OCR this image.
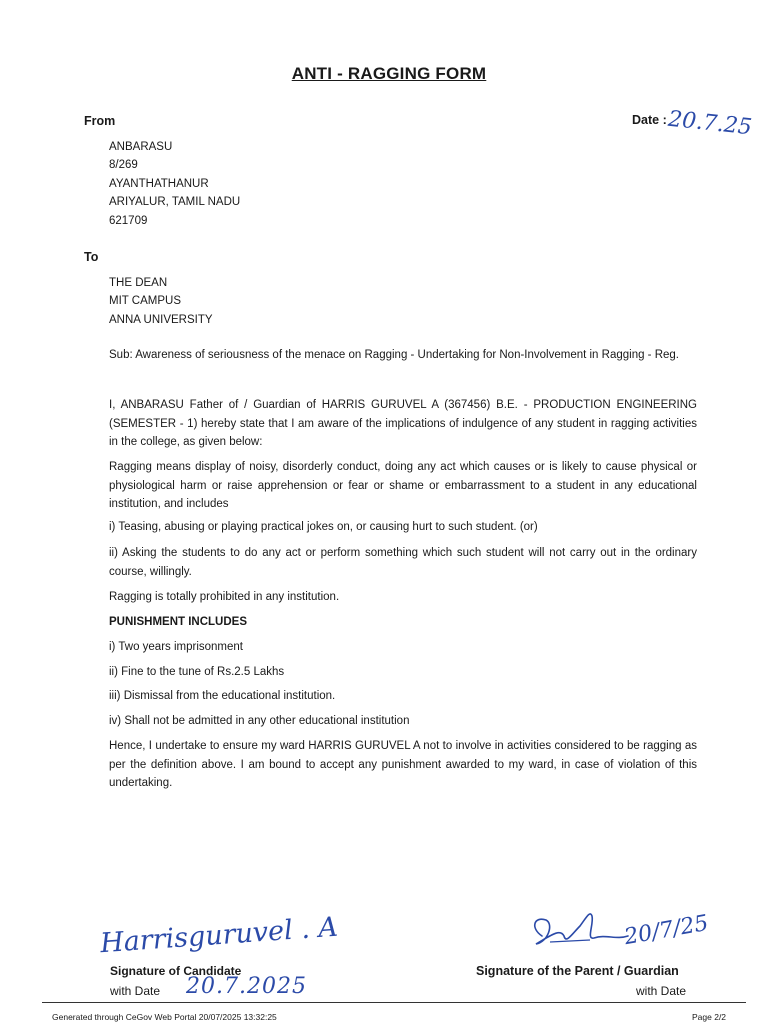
ANTI - RAGGING FORM
From	Date : 20.7.25
ANBARASU
8/269
AYANTHATHANUR
ARIYALUR, TAMIL NADU
621709
To
THE DEAN
MIT CAMPUS
ANNA UNIVERSITY
Sub: Awareness of seriousness of the menace on Ragging - Undertaking for Non-Involvement in Ragging - Reg.
I, ANBARASU Father of / Guardian of HARRIS GURUVEL A (367456) B.E. - PRODUCTION ENGINEERING (SEMESTER - 1) hereby state that I am aware of the implications of indulgence of any student in ragging activities in the college, as given below:
Ragging means display of noisy, disorderly conduct, doing any act which causes or is likely to cause physical or physiological harm or raise apprehension or fear or shame or embarrassment to a student in any educational institution, and includes
i) Teasing, abusing or playing practical jokes on, or causing hurt to such student. (or)
ii) Asking the students to do any act or perform something which such student will not carry out in the ordinary course, willingly.
Ragging is totally prohibited in any institution.
PUNISHMENT INCLUDES
i) Two years imprisonment
ii) Fine to the tune of Rs.2.5 Lakhs
iii) Dismissal from the educational institution.
iv) Shall not be admitted in any other educational institution
Hence, I undertake to ensure my ward HARRIS GURUVEL A not to involve in activities considered to be ragging as per the definition above. I am bound to accept any punishment awarded to my ward, in case of violation of this undertaking.
Harrisguruvel . A
Signature of Candidate
with Date 20.7.2025
20/7/25
Signature of the Parent / Guardian
with Date
Generated through CeGov Web Portal 20/07/2025 13:32:25	Page 2/2
